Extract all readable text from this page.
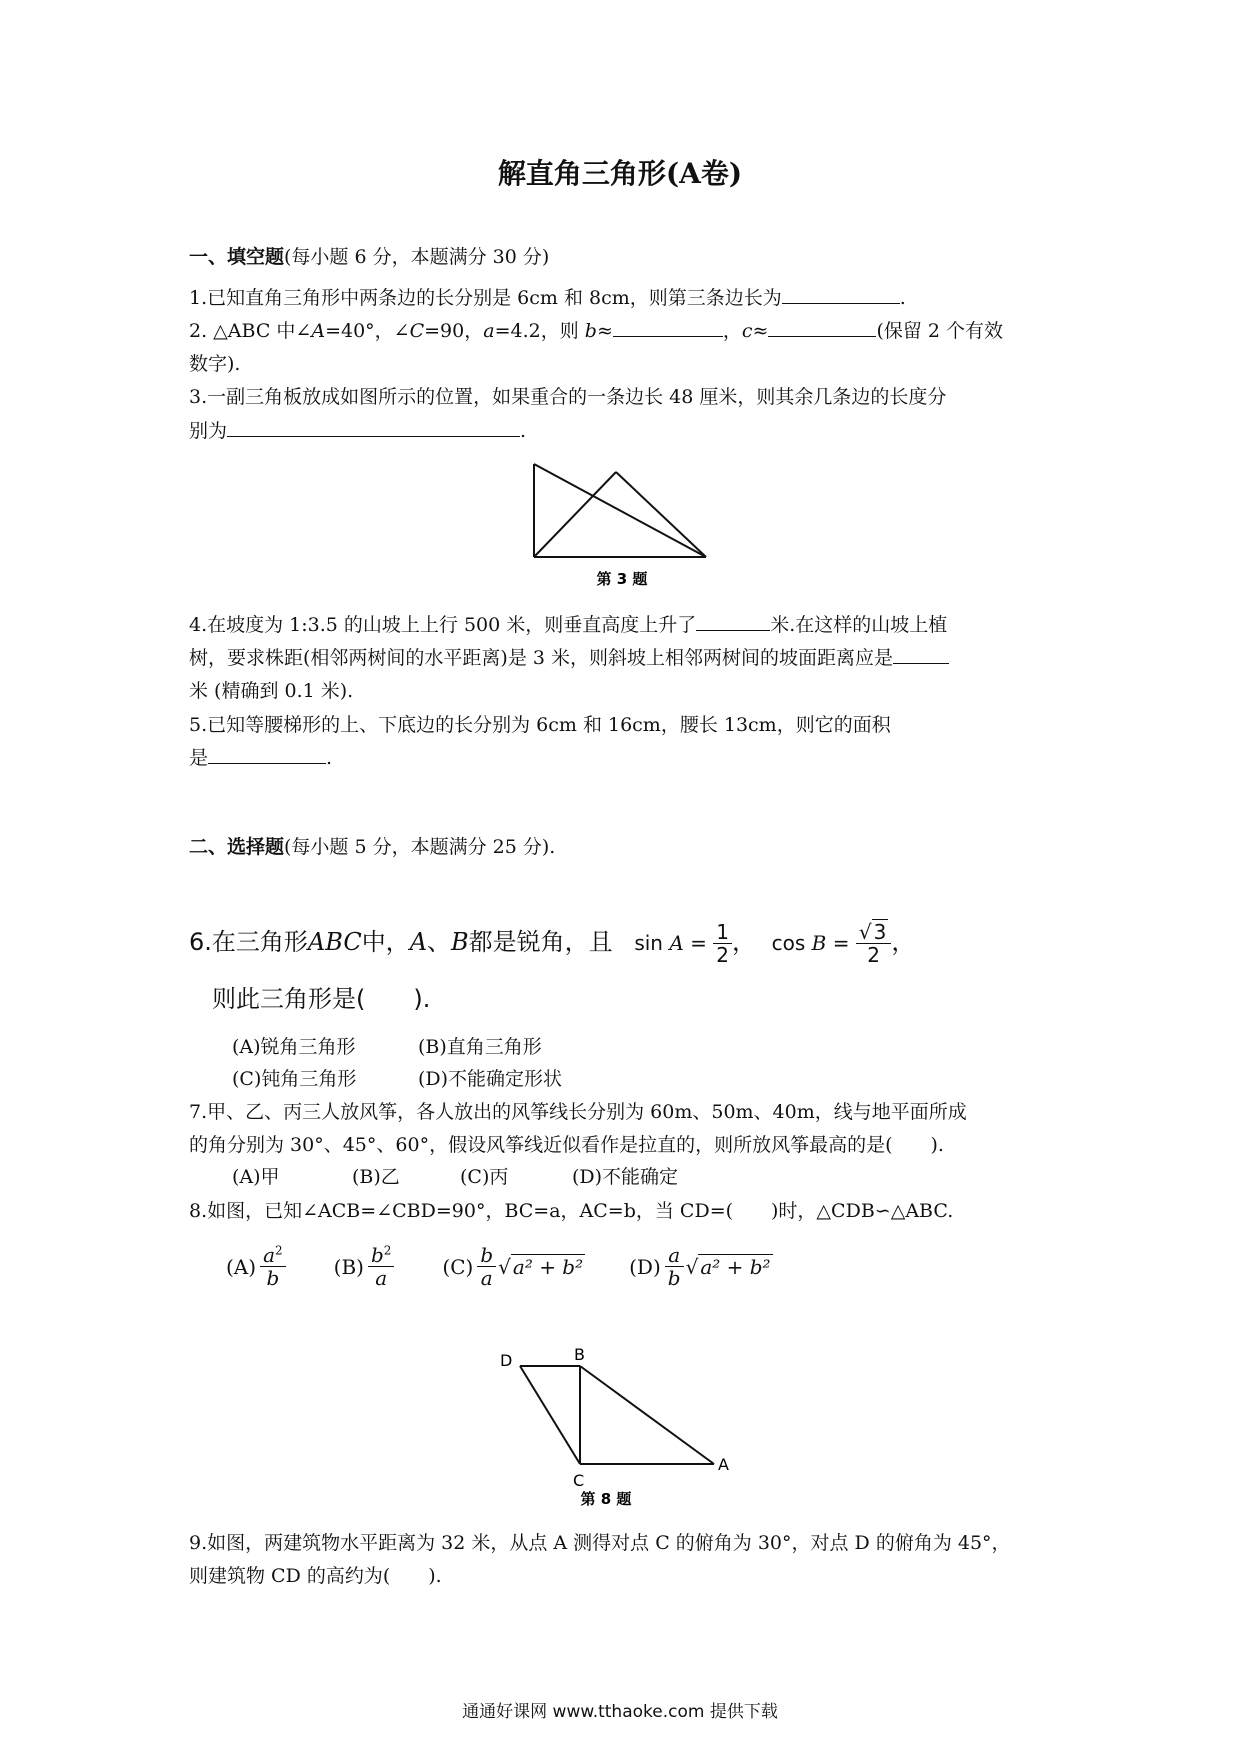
解直角三角形(A卷)
一、填空题(每小题 6 分，本题满分 30 分)
1.已知直角三角形中两条边的长分别是 6cm 和 8cm，则第三条边长为	.
2. △ABC 中∠A=40°，∠C=90，a=4.2，则 b≈	，c≈	(保留 2 个有效
数字).
3.一副三角板放成如图所示的位置，如果重合的一条边长 48 厘米，则其余几条边的长度分
别为	.
第 3 题
4.在坡度为 1:3.5 的山坡上上行 500 米，则垂直高度上升了	米.在这样的山坡上植
树，要求株距(相邻两树间的水平距离)是 3 米，则斜坡上相邻两树间的坡面距离应是
米 (精确到 0.1 米).
5.已知等腰梯形的上、下底边的长分别为 6cm 和 16cm，腰长 13cm，则它的面积
是	.
二、选择题(每小题 5 分，本题满分 25 分).
6.在三角形ABC中，A、B都是锐角，且 $\sin A = \frac{1}{2}$ ， $\cos B = \frac{√ 3}{2}$ ，
则此三角形是(　　).
(A)锐角三角形	(B)直角三角形
(C)钝角三角形	(D)不能确定形状
7.甲、乙、丙三人放风筝，各人放出的风筝线长分别为 60m、50m、40m，线与地平面所成
的角分别为 30°、45°、60°，假设风筝线近似看作是拉直的，则所放风筝最高的是(　　).
(A)甲	(B)乙	(C)丙	(D)不能确定
8.如图，已知∠ACB=∠CBD=90°，BC=a，AC=b，当 CD=(　　)时，△CDB∽△ABC.
$(A) \frac{a^2}{b} (B) \frac{b^2}{a} (C) \frac{b}{a}$ √ a² + b² $(D) \frac{a}{b}$ √ a² + b²
D	B
C
A
第 8 题
9.如图，两建筑物水平距离为 32 米，从点 A 测得对点 C 的俯角为 30°，对点 D 的俯角为 45°，
则建筑物 CD 的高约为(　　).
通通好课网 www.tthaoke.com 提供下载
